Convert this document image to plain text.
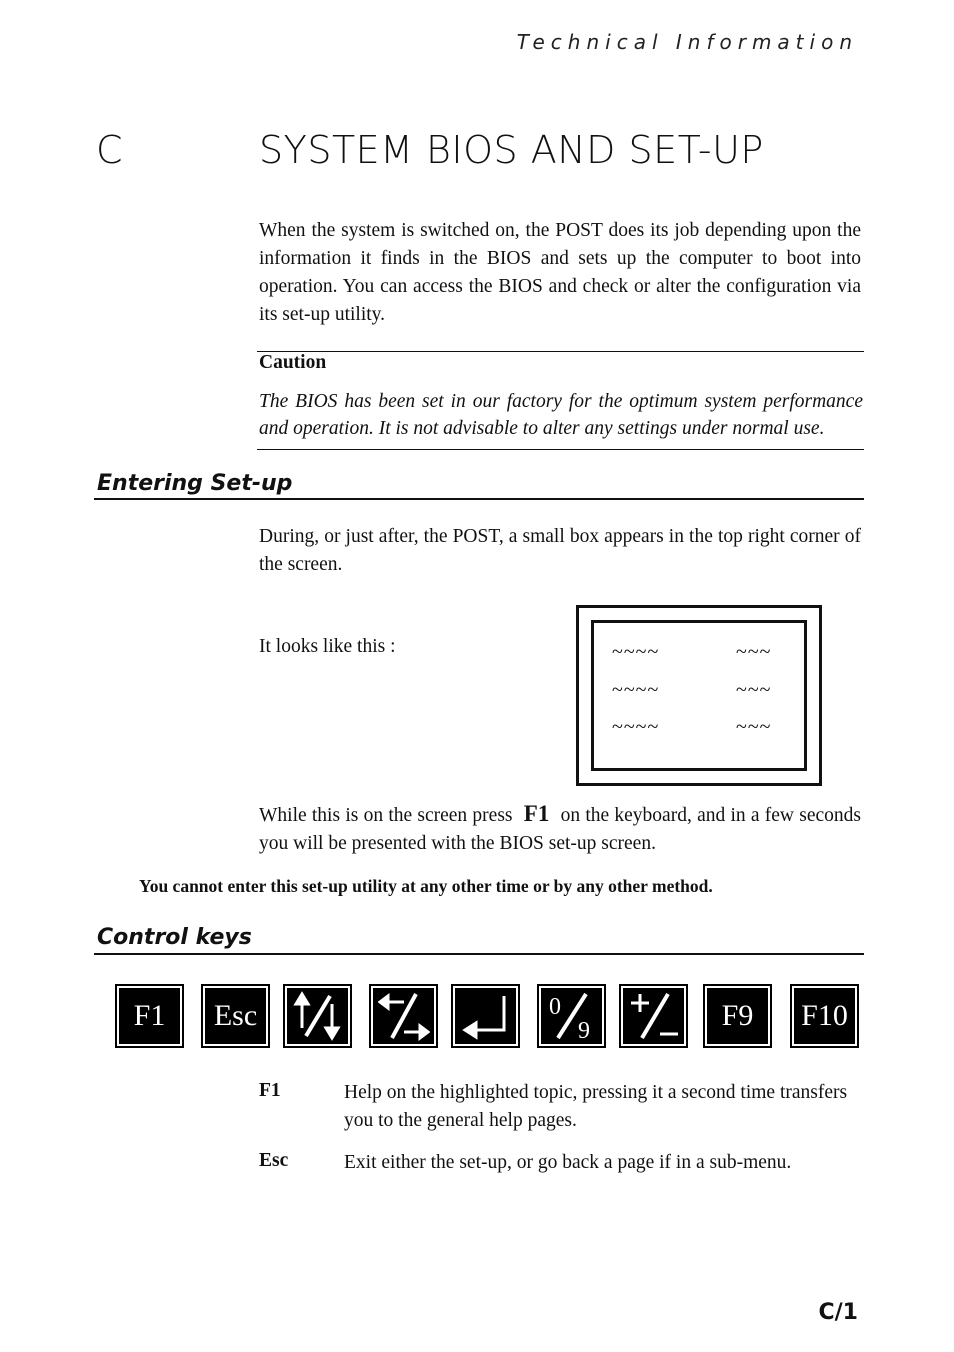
Technical Information
C	SYSTEM BIOS AND SET-UP
When the system is switched on, the POST does its job depending upon the information it finds in the BIOS and sets up the computer to boot into operation. You can access the BIOS and check or alter the configuration via its set-up utility.
Caution
The BIOS has been set in our factory for the optimum system performance and operation. It is not advisable to alter any settings under normal use.
Entering Set-up
During, or just after, the POST, a small box appears in the top right corner of the screen.
It looks like this :	~~~~	~~~
~~~~	~~~
~~~~	~~~
While this is on the screen press F1 on the keyboard, and in a few seconds you will be presented with the BIOS set-up screen.
You cannot enter this set-up utility at any other time or by any other method.
Control keys
F1 Esc	0
9	F9 F10
F1	Help on the highlighted topic, pressing it a second time transfers you to the general help pages.
Esc	Exit either the set-up, or go back a page if in a sub-menu.
C/1
